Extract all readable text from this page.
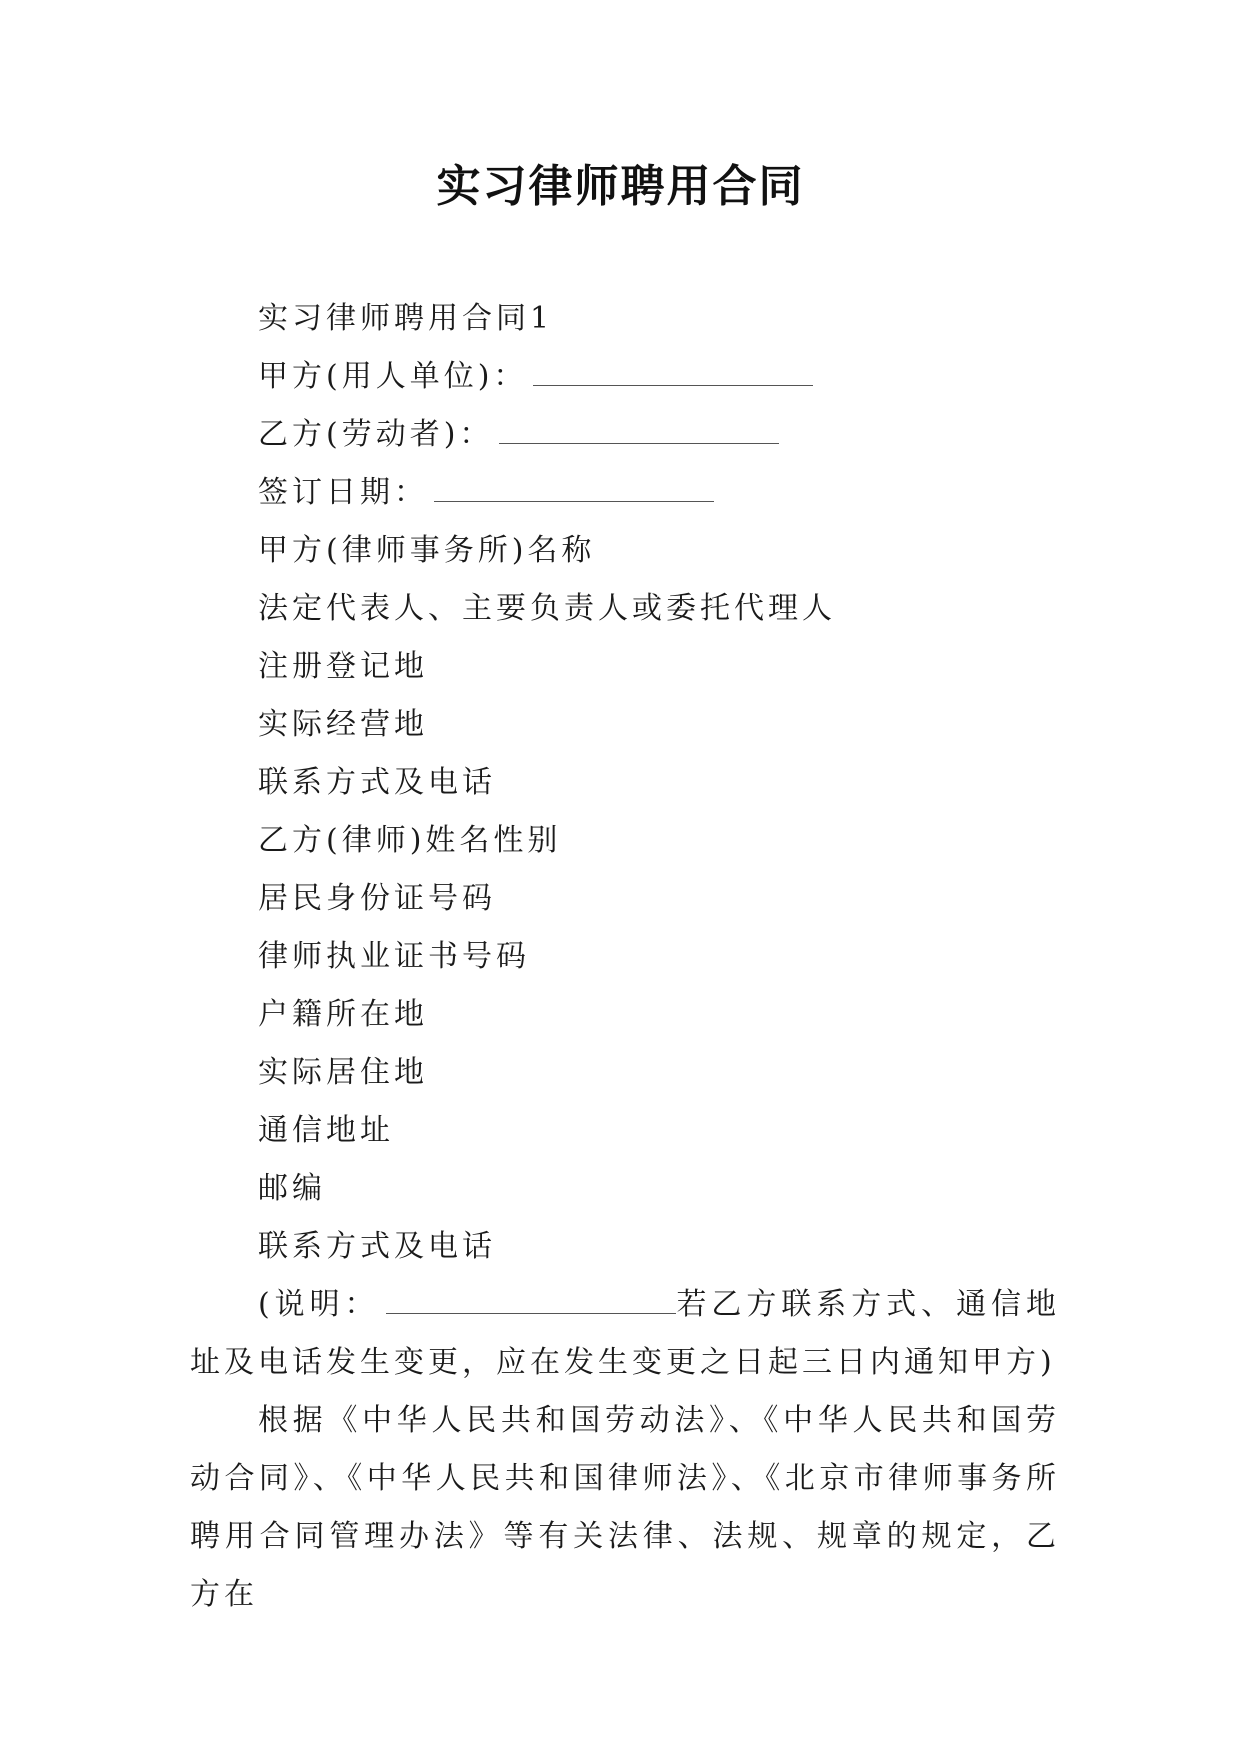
实习律师聘用合同
实习律师聘用合同1
甲方(用人单位)：
乙方(劳动者)：
签订日期：
甲方(律师事务所)名称
法定代表人、主要负责人或委托代理人
注册登记地
实际经营地
联系方式及电话
乙方(律师)姓名性别
居民身份证号码
律师执业证书号码
户籍所在地
实际居住地
通信地址
邮编
联系方式及电话
(说明：	若乙方联系方式、通信地址及电话发生变更，应在发生变更之日起三日内通知甲方)
根据《中华人民共和国劳动法》、《中华人民共和国劳动合同》、《中华人民共和国律师法》、《北京市律师事务所聘用合同管理办法》等有关法律、法规、规章的规定，乙方在
